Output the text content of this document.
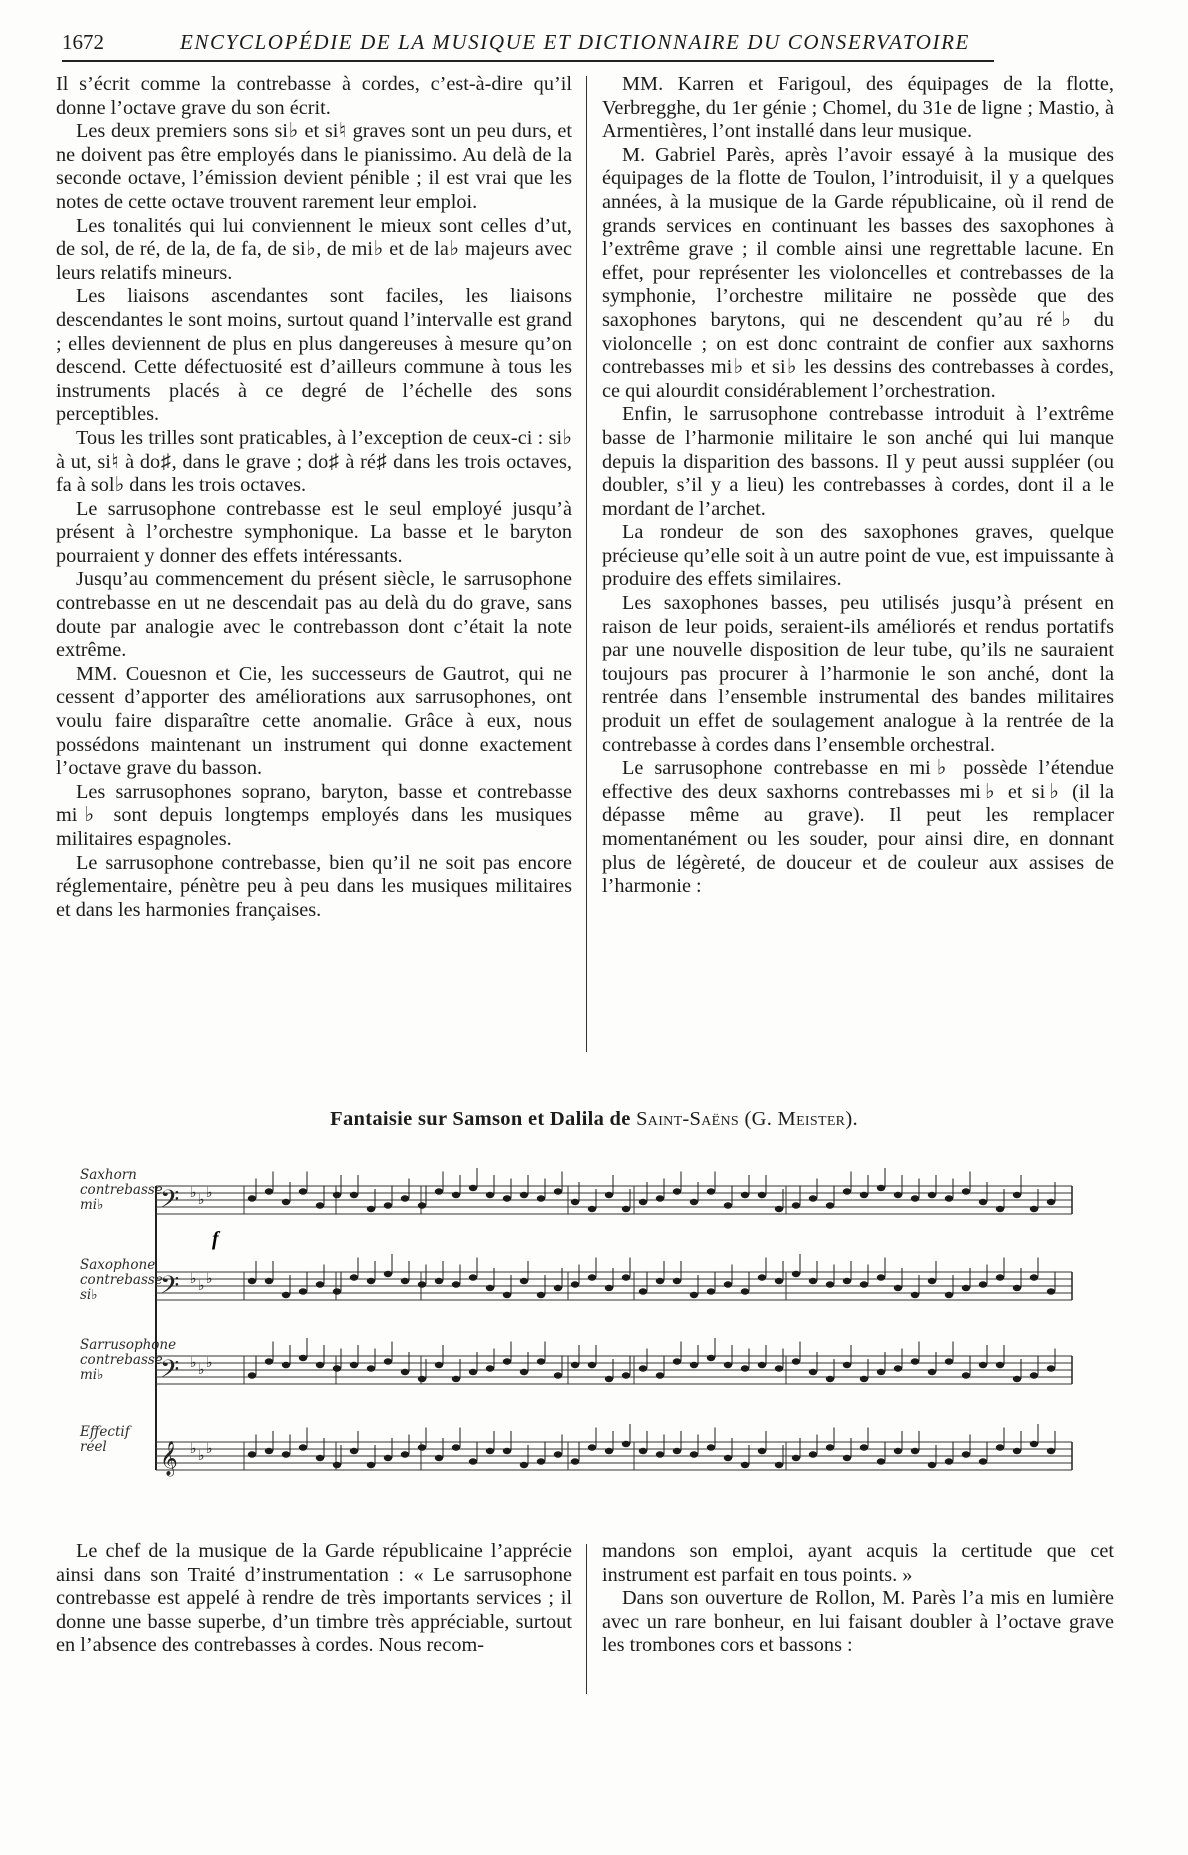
1672	ENCYCLOPÉDIE DE LA MUSIQUE ET DICTIONNAIRE DU CONSERVATOIRE

Il s’écrit comme la contrebasse à cordes, c’est-à-dire qu’il donne l’octave grave du son écrit.

Les deux premiers sons si♭ et si♮ graves sont un peu durs, et ne doivent pas être employés dans le pianissimo. Au delà de la seconde octave, l’émission devient pénible ; il est vrai que les notes de cette octave trouvent rarement leur emploi.

Les tonalités qui lui conviennent le mieux sont celles d’ut, de sol, de ré, de la, de fa, de si♭, de mi♭ et de la♭ majeurs avec leurs relatifs mineurs.

Les liaisons ascendantes sont faciles, les liaisons descendantes le sont moins, surtout quand l’intervalle est grand ; elles deviennent de plus en plus dangereuses à mesure qu’on descend. Cette défectuosité est d’ailleurs commune à tous les instruments placés à ce degré de l’échelle des sons perceptibles.

Tous les trilles sont praticables, à l’exception de ceux-ci : si♭ à ut, si♮ à do♯, dans le grave ; do♯ à ré♯ dans les trois octaves, fa à sol♭ dans les trois octaves.

Le sarrusophone contrebasse est le seul employé jusqu’à présent à l’orchestre symphonique. La basse et le baryton pourraient y donner des effets intéressants.

Jusqu’au commencement du présent siècle, le sarrusophone contrebasse en ut ne descendait pas au delà du do grave, sans doute par analogie avec le contrebasson dont c’était la note extrême.

MM. Couesnon et Cie, les successeurs de Gautrot, qui ne cessent d’apporter des améliorations aux sarrusophones, ont voulu faire disparaître cette anomalie. Grâce à eux, nous possédons maintenant un instrument qui donne exactement l’octave grave du basson.

Les sarrusophones soprano, baryton, basse et contrebasse mi♭ sont depuis longtemps employés dans les musiques militaires espagnoles.

Le sarrusophone contrebasse, bien qu’il ne soit pas encore réglementaire, pénètre peu à peu dans les musiques militaires et dans les harmonies françaises.

MM. Karren et Farigoul, des équipages de la flotte, Verbregghe, du 1er génie ; Chomel, du 31e de ligne ; Mastio, à Armentières, l’ont installé dans leur musique.

M. Gabriel Parès, après l’avoir essayé à la musique des équipages de la flotte de Toulon, l’introduisit, il y a quelques années, à la musique de la Garde républicaine, où il rend de grands services en continuant les basses des saxophones à l’extrême grave ; il comble ainsi une regrettable lacune. En effet, pour représenter les violoncelles et contrebasses de la symphonie, l’orchestre militaire ne possède que des saxophones barytons, qui ne descendent qu’au ré♭ du violoncelle ; on est donc contraint de confier aux saxhorns contrebasses mi♭ et si♭ les dessins des contrebasses à cordes, ce qui alourdit considérablement l’orchestration.

Enfin, le sarrusophone contrebasse introduit à l’extrême basse de l’harmonie militaire le son anché qui lui manque depuis la disparition des bassons. Il y peut aussi suppléer (ou doubler, s’il y a lieu) les contrebasses à cordes, dont il a le mordant de l’archet.

La rondeur de son des saxophones graves, quelque précieuse qu’elle soit à un autre point de vue, est impuissante à produire des effets similaires.

Les saxophones basses, peu utilisés jusqu’à présent en raison de leur poids, seraient-ils améliorés et rendus portatifs par une nouvelle disposition de leur tube, qu’ils ne sauraient toujours pas procurer à l’harmonie le son anché, dont la rentrée dans l’ensemble instrumental des bandes militaires produit un effet de soulagement analogue à la rentrée de la contrebasse à cordes dans l’ensemble orchestral.

Le sarrusophone contrebasse en mi♭ possède l’étendue effective des deux saxhorns contrebasses mi♭ et si♭ (il la dépasse même au grave). Il peut les remplacer momentanément ou les souder, pour ainsi dire, en donnant plus de légèreté, de douceur et de couleur aux assises de l’harmonie :

Fantaisie sur Samson et Dalila de Saint-Saëns (G. Meister).
Saxhorn contrebasse mi♭
Saxophone contrebasse si♭
Sarrusophone contrebasse mi♭
Effectif réel
f
𝄢 ♭ ♭ ♭
𝄢 ♭ ♭ ♭
𝄢 ♭ ♭ ♭
𝄞 ♭ ♭ ♭

Le chef de la musique de la Garde républicaine l’apprécie ainsi dans son Traité d’instrumentation : « Le sarrusophone contrebasse est appelé à rendre de très importants services ; il donne une basse superbe, d’un timbre très appréciable, surtout en l’absence des contrebasses à cordes. Nous recom-

mandons son emploi, ayant acquis la certitude que cet instrument est parfait en tous points. »

Dans son ouverture de Rollon, M. Parès l’a mis en lumière avec un rare bonheur, en lui faisant doubler à l’octave grave les trombones cors et bassons :
